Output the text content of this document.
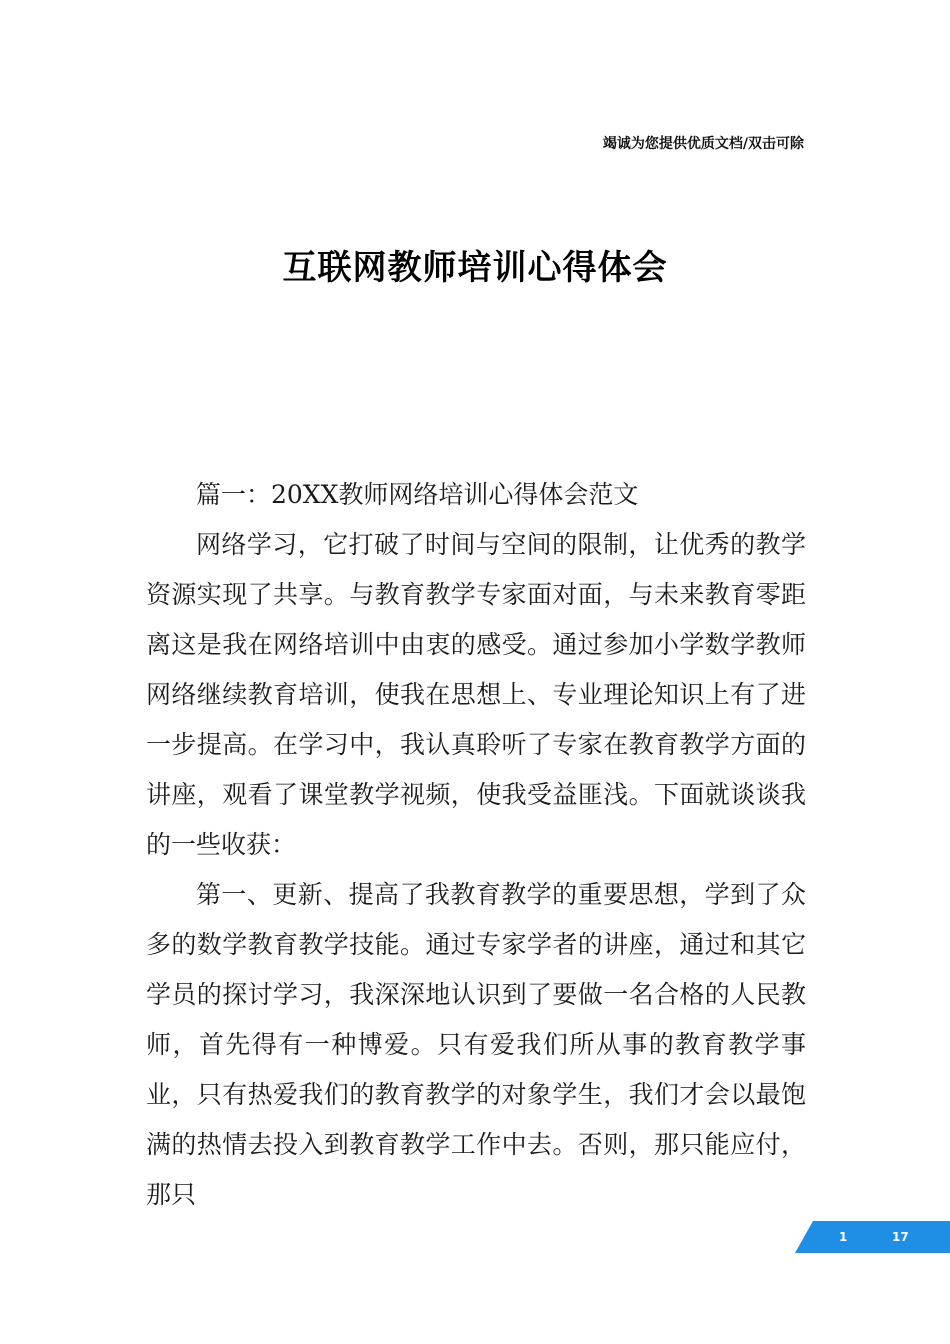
竭诚为您提供优质文档/双击可除
互联网教师培训心得体会

篇一：20XX教师网络培训心得体会范文

网络学习，它打破了时间与空间的限制，让优秀的教学资源实现了共享。与教育教学专家面对面，与未来教育零距离这是我在网络培训中由衷的感受。通过参加小学数学教师网络继续教育培训，使我在思想上、专业理论知识上有了进一步提高。在学习中，我认真聆听了专家在教育教学方面的讲座，观看了课堂教学视频，使我受益匪浅。下面就谈谈我的一些收获：

第一、更新、提高了我教育教学的重要思想，学到了众多的数学教育教学技能。通过专家学者的讲座，通过和其它学员的探讨学习，我深深地认识到了要做一名合格的人民教师，首先得有一种博爱。只有爱我们所从事的教育教学事业，只有热爱我们的教育教学的对象学生，我们才会以最饱满的热情去投入到教育教学工作中去。否则，那只能应付，那只

1	17
